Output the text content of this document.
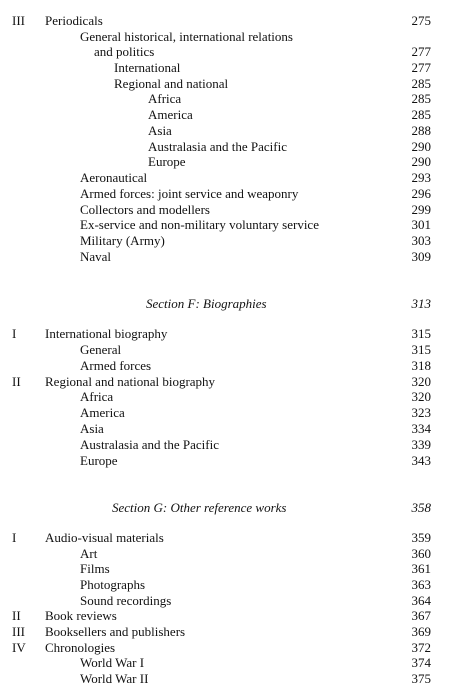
III Periodicals	275
General historical, international relations
and politics	277
International	277
Regional and national	285
Africa	285
America	285
Asia	288
Australasia and the Pacific	290
Europe	290
Aeronautical	293
Armed forces: joint service and weaponry	296
Collectors and modellers	299
Ex-service and non-military voluntary service	301
Military (Army)	303
Naval	309
Section F: Biographies	313
I International biography	315
General	315
Armed forces	318
II Regional and national biography	320
Africa	320
America	323
Asia	334
Australasia and the Pacific	339
Europe	343
Section G: Other reference works	358
I Audio-visual materials	359
Art	360
Films	361
Photographs	363
Sound recordings	364
II Book reviews	367
III Booksellers and publishers	369
IV Chronologies	372
World War I	374
World War II	375
